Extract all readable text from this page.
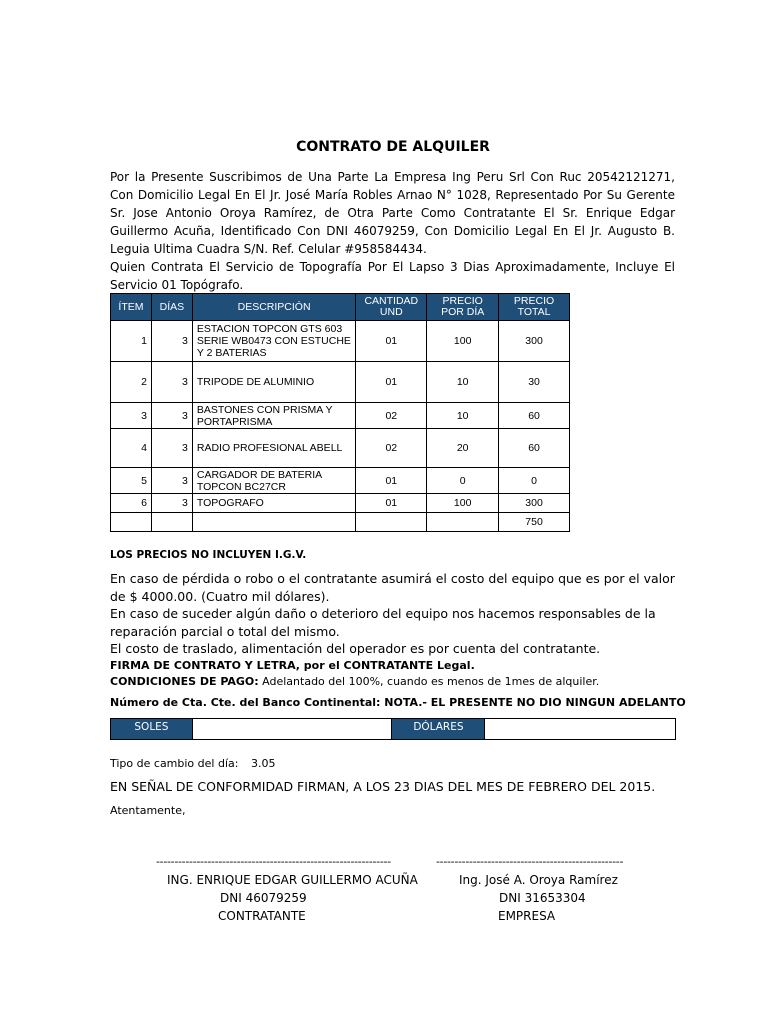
CONTRATO DE ALQUILER

Por la Presente Suscribimos de Una Parte La Empresa Ing Peru Srl Con Ruc 20542121271, Con Domicilio Legal En El Jr. José María Robles Arnao N° 1028, Representado Por Su Gerente Sr. Jose Antonio Oroya Ramírez, de Otra Parte Como Contratante El Sr. Enrique Edgar Guillermo Acuña, Identificado Con DNI 46079259, Con Domicilio Legal En El Jr. Augusto B. Leguia Ultima Cuadra S/N. Ref. Celular #958584434.

Quien Contrata El Servicio de Topografía Por El Lapso 3 Dias Aproximadamente, Incluye El Servicio 01 Topógrafo.

ÍTEM	DÍAS	DESCRIPCIÓN	CANTIDAD UND	PRECIO POR DÍA	PRECIO TOTAL
1	3	ESTACION TOPCON GTS 603 SERIE WB0473 CON ESTUCHE Y 2 BATERIAS	01	100	300
2	3	TRIPODE DE ALUMINIO	01	10	30
3	3	BASTONES CON PRISMA Y PORTAPRISMA	02	10	60
4	3	RADIO PROFESIONAL ABELL	02	20	60
5	3	CARGADOR DE BATERIA TOPCON BC27CR	01	0	0
6	3	TOPOGRAFO	01	100	300
					750
LOS PRECIOS NO INCLUYEN I.G.V.

En caso de pérdida o robo o el contratante asumirá el costo del equipo que es por el valor de $ 4000.00. (Cuatro mil dólares).

En caso de suceder algún daño o deterioro del equipo nos hacemos responsables de la reparación parcial o total del mismo.

El costo de traslado, alimentación del operador es por cuenta del contratante.

FIRMA DE CONTRATO Y LETRA, por el CONTRATANTE Legal.

CONDICIONES DE PAGO: Adelantado del 100%, cuando es menos de 1mes de alquiler.

Número de Cta. Cte. del Banco Continental: NOTA.- EL PRESENTE NO DIO NINGUN ADELANTO
SOLES		DÓLARES	
Tipo de cambio del día: 3.05
EN SEÑAL DE CONFORMIDAD FIRMAN, A LOS 23 DIAS DEL MES DE FEBRERO DEL 2015.
Atentamente,
----------------------------------------------------------------	---------------------------------------------------
ING. ENRIQUE EDGAR GUILLERMO ACUÑA
DNI 46079259
CONTRATANTE
Ing. José A. Oroya Ramírez
DNI 31653304
EMPRESA
